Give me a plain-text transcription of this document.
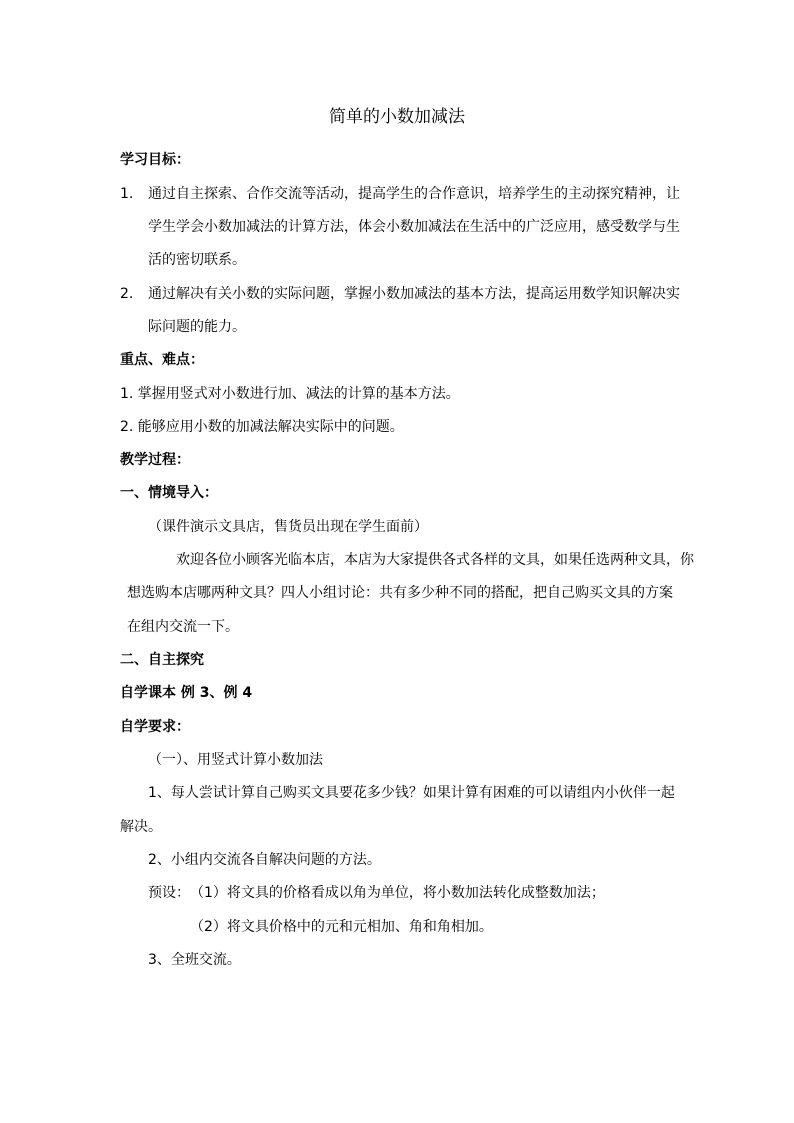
简单的小数加减法
学习目标：
1. 通过自主探索、合作交流等活动，提高学生的合作意识，培养学生的主动探究精神，让
学生学会小数加减法的计算方法，体会小数加减法在生活中的广泛应用，感受数学与生
活的密切联系。
2. 通过解决有关小数的实际问题，掌握小数加减法的基本方法，提高运用数学知识解决实
际问题的能力。
重点、难点：
1. 掌握用竖式对小数进行加、减法的计算的基本方法。
2. 能够应用小数的加减法解决实际中的问题。
教学过程：
一、情境导入：
（课件演示文具店，售货员出现在学生面前）
欢迎各位小顾客光临本店，本店为大家提供各式各样的文具，如果任选两种文具，你
想选购本店哪两种文具？四人小组讨论：共有多少种不同的搭配，把自己购买文具的方案
在组内交流一下。
二、自主探究
自学课本 例 3、例 4
自学要求：
（一）、用竖式计算小数加法
1、每人尝试计算自己购买文具要花多少钱？如果计算有困难的可以请组内小伙伴一起
解决。
2、小组内交流各自解决问题的方法。
预设： （1）将文具的价格看成以角为单位，将小数加法转化成整数加法；
（2）将文具价格中的元和元相加、角和角相加。
3、全班交流。
